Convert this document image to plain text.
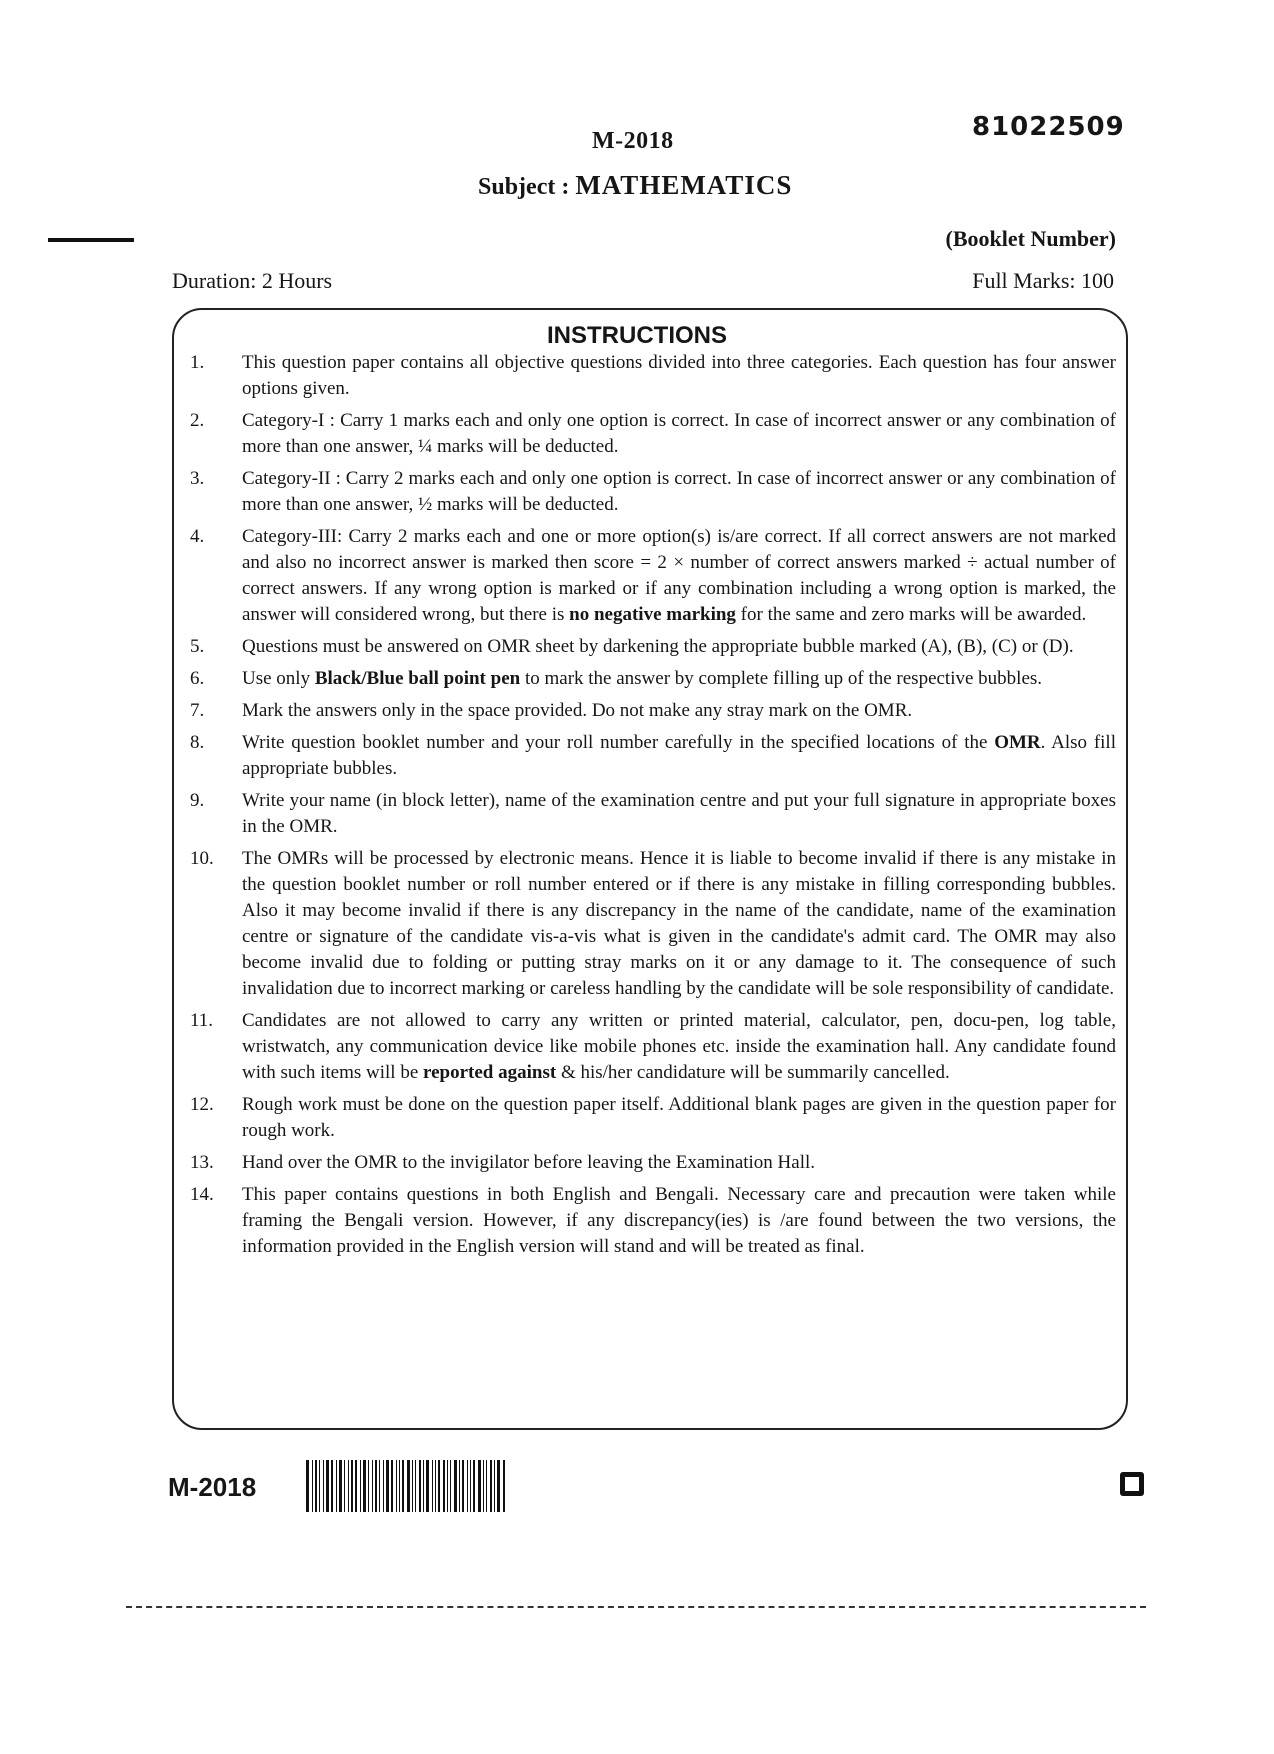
M-2018	81022509
Subject : MATHEMATICS
(Booklet Number)
Duration: 2 Hours	Full Marks: 100
INSTRUCTIONS
1. This question paper contains all objective questions divided into three categories. Each question has four answer options given.
2. Category-I : Carry 1 marks each and only one option is correct. In case of incorrect answer or any combination of more than one answer, ¼ marks will be deducted.
3. Category-II : Carry 2 marks each and only one option is correct. In case of incorrect answer or any combination of more than one answer, ½ marks will be deducted.
4. Category-III: Carry 2 marks each and one or more option(s) is/are correct. If all correct answers are not marked and also no incorrect answer is marked then score = 2 × number of correct answers marked ÷ actual number of correct answers. If any wrong option is marked or if any combination including a wrong option is marked, the answer will considered wrong, but there is no negative marking for the same and zero marks will be awarded.
5. Questions must be answered on OMR sheet by darkening the appropriate bubble marked (A), (B), (C) or (D).
6. Use only Black/Blue ball point pen to mark the answer by complete filling up of the respective bubbles.
7. Mark the answers only in the space provided. Do not make any stray mark on the OMR.
8. Write question booklet number and your roll number carefully in the specified locations of the OMR. Also fill appropriate bubbles.
9. Write your name (in block letter), name of the examination centre and put your full signature in appropriate boxes in the OMR.
10. The OMRs will be processed by electronic means. Hence it is liable to become invalid if there is any mistake in the question booklet number or roll number entered or if there is any mistake in filling corresponding bubbles. Also it may become invalid if there is any discrepancy in the name of the candidate, name of the examination centre or signature of the candidate vis-a-vis what is given in the candidate's admit card. The OMR may also become invalid due to folding or putting stray marks on it or any damage to it. The consequence of such invalidation due to incorrect marking or careless handling by the candidate will be sole responsibility of candidate.
11. Candidates are not allowed to carry any written or printed material, calculator, pen, docu-pen, log table, wristwatch, any communication device like mobile phones etc. inside the examination hall. Any candidate found with such items will be reported against & his/her candidature will be summarily cancelled.
12. Rough work must be done on the question paper itself. Additional blank pages are given in the question paper for rough work.
13. Hand over the OMR to the invigilator before leaving the Examination Hall.
14. This paper contains questions in both English and Bengali. Necessary care and precaution were taken while framing the Bengali version. However, if any discrepancy(ies) is /are found between the two versions, the information provided in the English version will stand and will be treated as final.
M-2018
